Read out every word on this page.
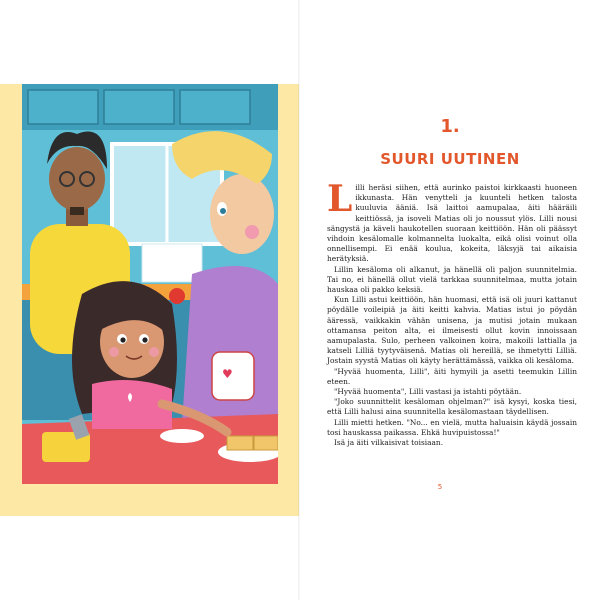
♥
1.
SUURI UUTINEN

Lilli heräsi siihen, että aurinko paistoi kirkkaasti huoneen ikkunasta. Hän venytteli ja kuunteli hetken talosta kuuluvia ääniä. Isä laittoi aamupalaa, äiti hääräili keittiössä, ja isoveli Matias oli jo noussut ylös. Lilli nousi sängystä ja käveli haukotellen suoraan keittiöön. Hän oli päässyt vihdoin kesälomalle kolmannelta luokalta, eikä olisi voinut olla onnellisempi. Ei enää koulua, kokeita, läksyjä tai aikaisia herätyksiä.

Lillin kesäloma oli alkanut, ja hänellä oli paljon suunnitelmia. Tai no, ei hänellä ollut vielä tarkkaa suunnitelmaa, mutta jotain hauskaa oli pakko keksiä.

Kun Lilli astui keittiöön, hän huomasi, että isä oli juuri kattanut pöydälle voileipiä ja äiti keitti kahvia. Matias istui jo pöydän ääressä, vaikkakin vähän unisena, ja mutisi jotain mukaan ottamansa peiton alta, ei ilmeisesti ollut kovin innoissaan aamupalasta. Sulo, perheen valkoinen koira, makoili lattialla ja katseli Lilliä tyytyväisenä. Matias oli hereillä, se ihmetytti Lilliä. Jostain syystä Matias oli käyty herättämässä, vaikka oli kesäloma.

"Hyvää huomenta, Lilli", äiti hymyili ja asetti teemukin Lillin eteen.

"Hyvää huomenta", Lilli vastasi ja istahti pöytään.

"Joko suunnittelit kesäloman ohjelman?" isä kysyi, koska tiesi, että Lilli halusi aina suunnitella kesälomastaan täydellisen.

Lilli mietti hetken. "No... en vielä, mutta haluaisin käydä jossain tosi hauskassa paikassa. Ehkä huvipuistossa!"

Isä ja äiti vilkaisivat toisiaan.

5
